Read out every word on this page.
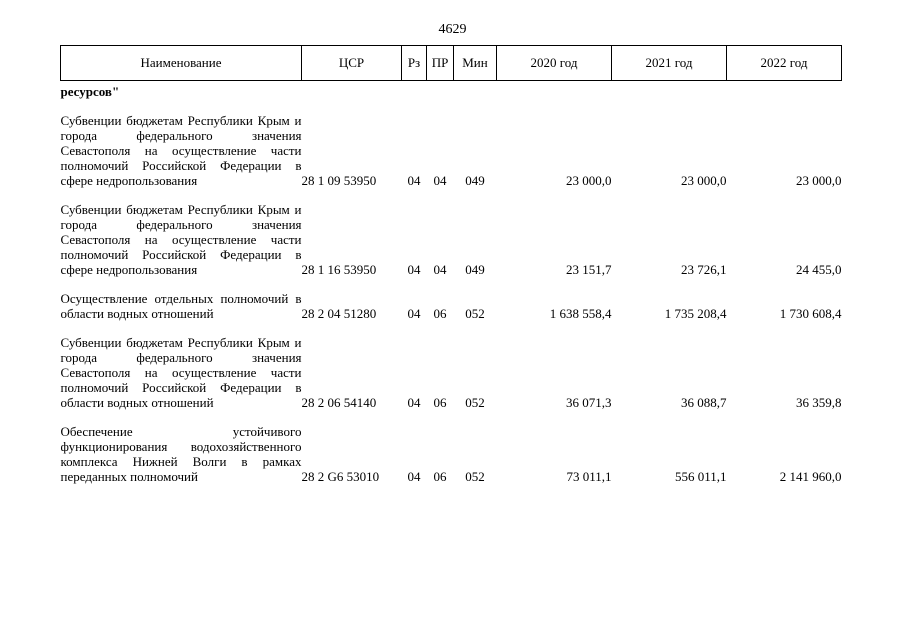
4629
Наименование	ЦСР	Рз	ПР	Мин	2020 год	2021 год	2022 год
ресурсов"							

Субвенции бюджетам Республики Крым и города федерального значения Севастополя на осуществление части полномочий Российской Федерации в сфере недропользования	28 1 09 53950	04	04	049	23 000,0	23 000,0	23 000,0

Субвенции бюджетам Республики Крым и города федерального значения Севастополя на осуществление части полномочий Российской Федерации в сфере недропользования	28 1 16 53950	04	04	049	23 151,7	23 726,1	24 455,0

Осуществление отдельных полномочий в области водных отношений	28 2 04 51280	04	06	052	1 638 558,4	1 735 208,4	1 730 608,4

Субвенции бюджетам Республики Крым и города федерального значения Севастополя на осуществление части полномочий Российской Федерации в области водных отношений	28 2 06 54140	04	06	052	36 071,3	36 088,7	36 359,8

Обеспечение устойчивого функционирования водохозяйственного комплекса Нижней Волги в рамках переданных полномочий	28 2 G6 53010	04	06	052	73 011,1	556 011,1	2 141 960,0
